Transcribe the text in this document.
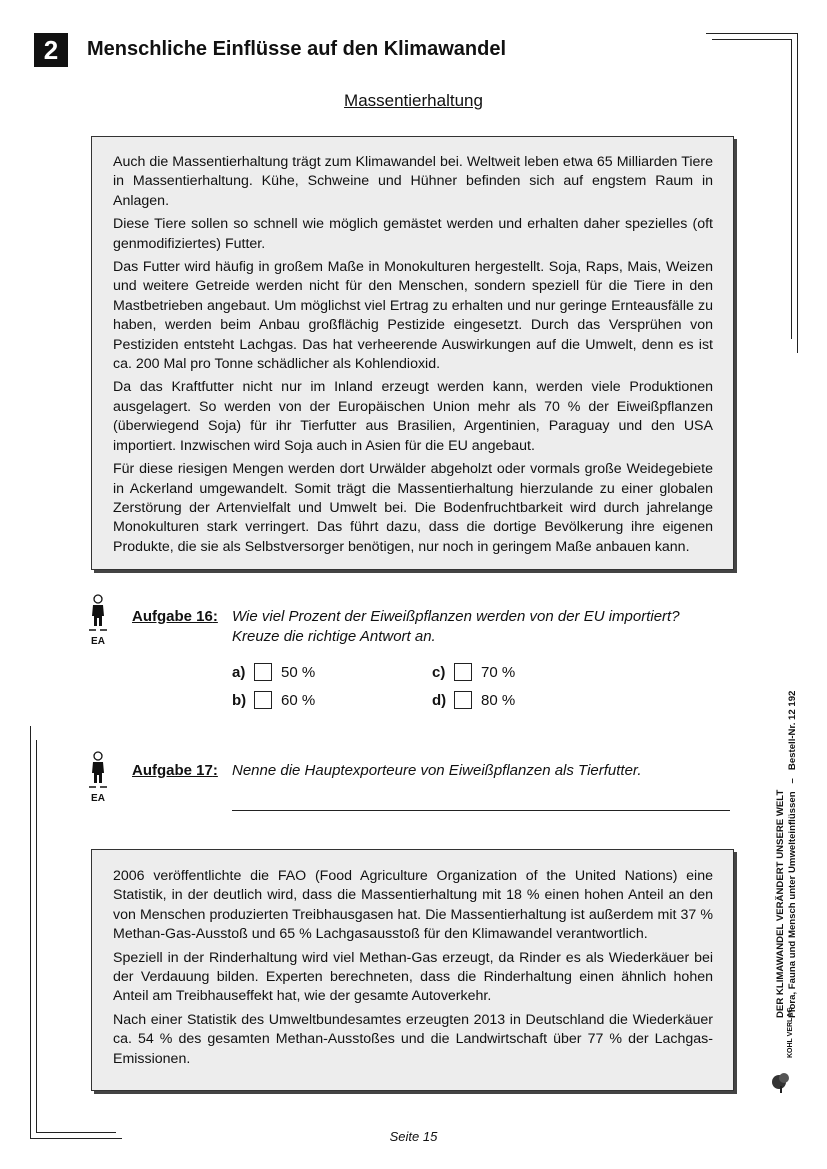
2	Menschliche Einflüsse auf den Klimawandel
Massentierhaltung

Auch die Massentierhaltung trägt zum Klimawandel bei. Weltweit leben etwa 65 Milliarden Tiere in Massentierhaltung. Kühe, Schweine und Hühner befinden sich auf engstem Raum in Anlagen.

Diese Tiere sollen so schnell wie möglich gemästet werden und erhalten daher spezielles (oft genmodifiziertes) Futter.

Das Futter wird häufig in großem Maße in Monokulturen hergestellt. Soja, Raps, Mais, Weizen und weitere Getreide werden nicht für den Menschen, sondern speziell für die Tiere in den Mastbetrieben angebaut. Um möglichst viel Ertrag zu erhalten und nur geringe Ernteausfälle zu haben, werden beim Anbau großflächig Pestizide eingesetzt. Durch das Versprühen von Pestiziden entsteht Lachgas. Das hat verheerende Auswirkungen auf die Umwelt, denn es ist ca. 200 Mal pro Tonne schädlicher als Kohlendioxid.

Da das Kraftfutter nicht nur im Inland erzeugt werden kann, werden viele Produktionen ausgelagert. So werden von der Europäischen Union mehr als 70 % der Eiweißpflanzen (überwiegend Soja) für ihr Tierfutter aus Brasilien, Argentinien, Paraguay und den USA importiert. Inzwischen wird Soja auch in Asien für die EU angebaut.

Für diese riesigen Mengen werden dort Urwälder abgeholzt oder vormals große Weidegebiete in Ackerland umgewandelt. Somit trägt die Massentierhaltung hierzulande zu einer globalen Zerstörung der Artenvielfalt und Umwelt bei. Die Bodenfruchtbarkeit wird durch jahrelange Monokulturen stark verringert. Das führt dazu, dass die dortige Bevölkerung ihre eigenen Produkte, die sie als Selbstversorger benötigen, nur noch in geringem Maße anbauen kann.

EA
Aufgabe 16: Wie viel Prozent der Eiweißpflanzen werden von der EU importiert?
Kreuze die richtige Antwort an.
a)	50 %
b)	60 %
c)	70 %
d)	80 %
EA
Aufgabe 17: Nenne die Hauptexporteure von Eiweißpflanzen als Tierfutter.

2006 veröffentlichte die FAO (Food Agriculture Organization of the United Nations) eine Statistik, in der deutlich wird, dass die Massentierhaltung mit 18 % einen hohen Anteil an den von Menschen produzierten Treibhausgasen hat. Die Massentierhaltung ist außerdem mit 37 % Methan-Gas-Ausstoß und 65 % Lachgasausstoß für den Klimawandel verantwortlich.

Speziell in der Rinderhaltung wird viel Methan-Gas erzeugt, da Rinder es als Wiederkäuer bei der Verdauung bilden. Experten berechneten, dass die Rinderhaltung einen ähnlich hohen Anteil am Treibhauseffekt hat, wie der gesamte Autoverkehr.

Nach einer Statistik des Umweltbundesamtes erzeugten 2013 in Deutschland die Wiederkäuer ca. 54 % des gesamten Methan-Ausstoßes und die Landwirtschaft über 77 % der Lachgas-Emissionen.

DER KLIMAWANDEL VERÄNDERT UNSERE WELT Flora, Fauna und Mensch unter Umwelteinflüssen   –   Bestell-Nr. 12 192
KOHL VERLAG
Seite 15
